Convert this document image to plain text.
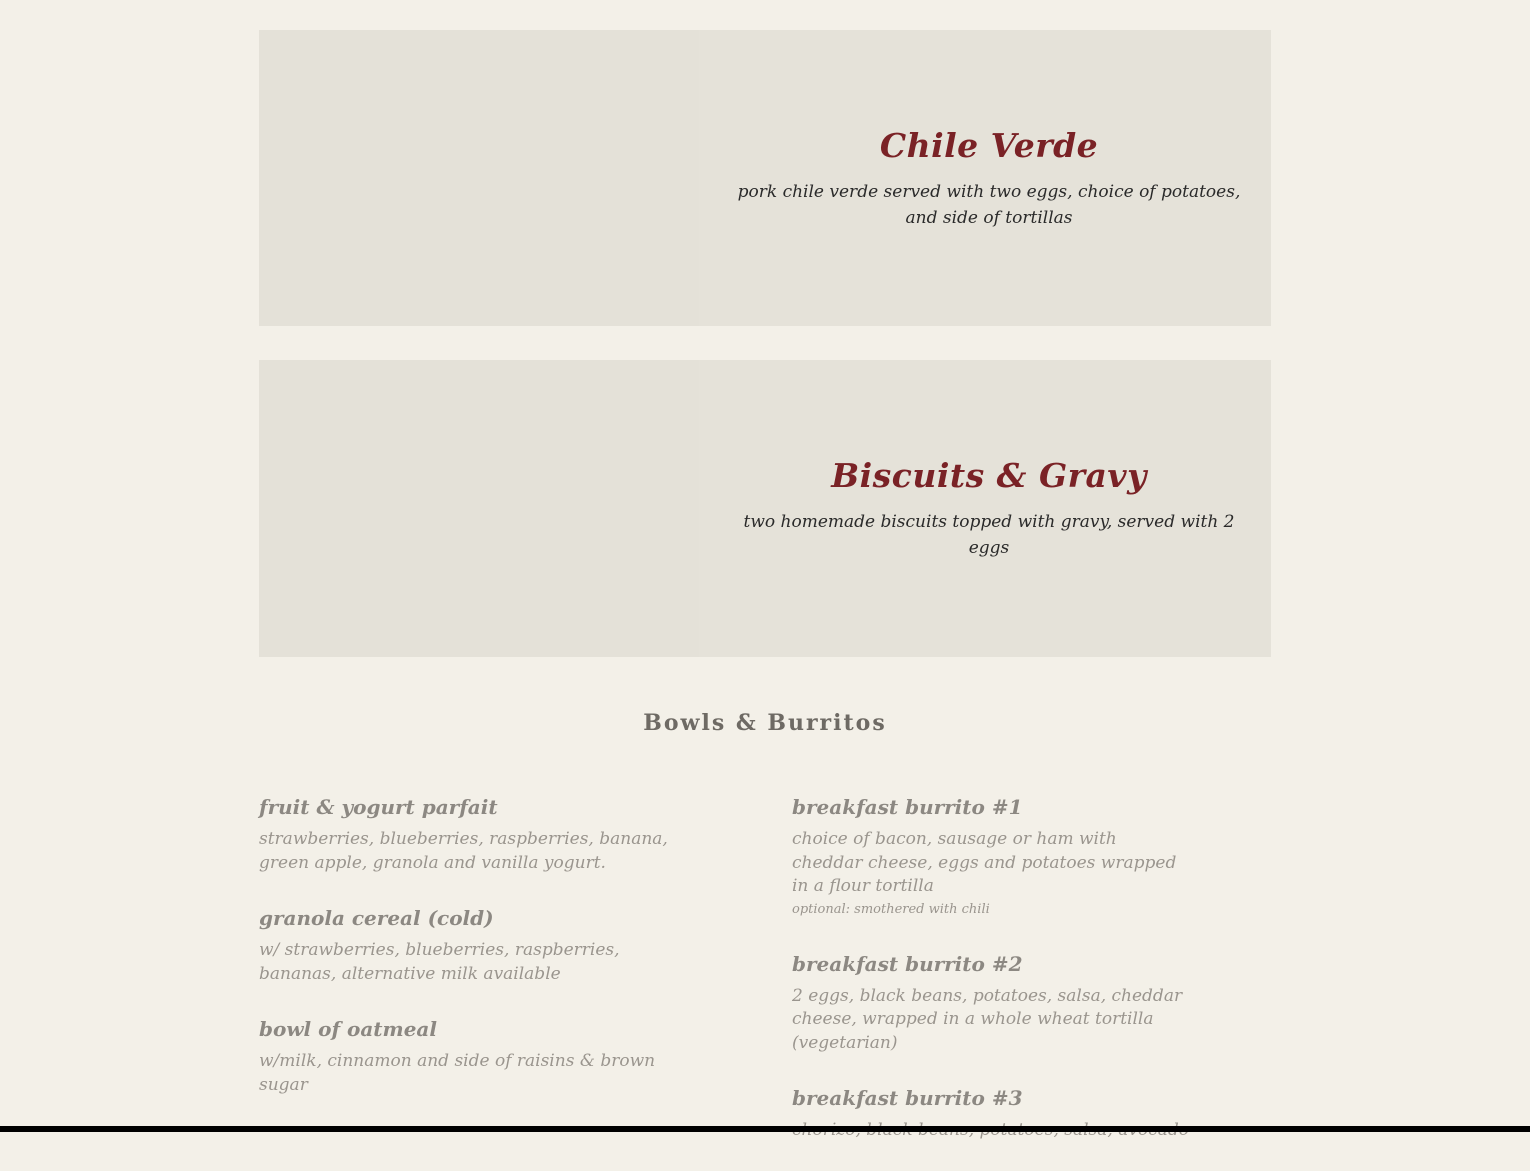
Chile Verde

pork chile verde served with two eggs, choice of potatoes, and side of tortillas

Biscuits & Gravy

two homemade biscuits topped with gravy, served with 2 eggs

Bowls & Burritos

fruit & yogurt parfait

strawberries, blueberries, raspberries, banana, green apple, granola and vanilla yogurt.

granola cereal (cold)

w/ strawberries, blueberries, raspberries, bananas, alternative milk available

bowl of oatmeal

w/milk, cinnamon and side of raisins & brown sugar

breakfast burrito #1

choice of bacon, sausage or ham with cheddar cheese, eggs and potatoes wrapped in a flour tortilla

optional: smothered with chili

breakfast burrito #2

2 eggs, black beans, potatoes, salsa, cheddar cheese, wrapped in a whole wheat tortilla (vegetarian)

breakfast burrito #3
